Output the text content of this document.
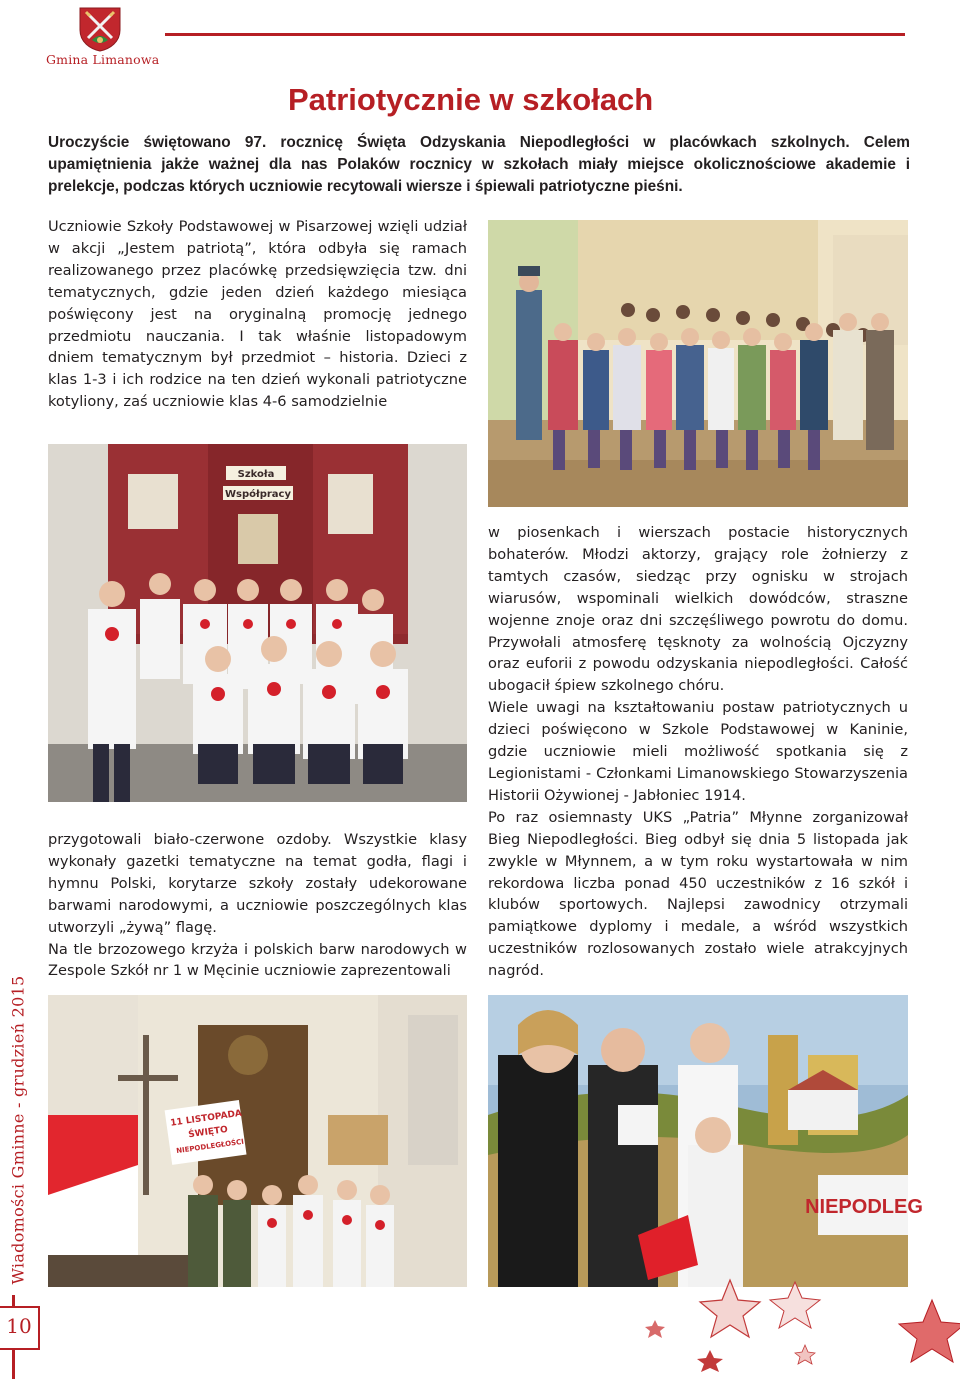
Gmina Limanowa
Patriotycznie w szkołach
Uroczyście świętowano 97. rocznicę Święta Odzyskania Niepodległości w placówkach szkolnych. Celem upamiętnienia jakże ważnej dla nas Polaków rocznicy w szkołach miały miejsce okolicznościowe akademie i prelekcje, podczas których uczniowie recytowali wiersze i śpiewali patriotyczne pieśni.

Uczniowie Szkoły Podstawowej w Pisarzowej wzięli udział w akcji „Jestem patriotą”, która odbyła się ramach realizowanego przez placówkę przedsięwzięcia tzw. dni tematycznych, gdzie jeden dzień każdego miesiąca poświęcony jest na oryginalną promocję jednego przedmiotu nauczania. I tak właśnie listopadowym dniem tematycznym był przedmiot – historia. Dzieci z klas 1-3 i ich rodzice na ten dzień wykonali patriotyczne kotyliony, zaś uczniowie klas 4-6 samodzielnie

Szkoła
Współpracy

przygotowali biało-czerwone ozdoby. Wszystkie klasy wykonały gazetki tematyczne na temat godła, flagi i hymnu Polski, korytarze szkoły zostały udekorowane barwami narodowymi, a uczniowie poszczególnych klas utworzyli „żywą” flagę.

Na tle brzozowego krzyża i polskich barw narodowych w Zespole Szkół nr 1 w Męcinie uczniowie zaprezentowali

w piosenkach i wierszach postacie historycznych bohaterów. Młodzi aktorzy, grający role żołnierzy z tamtych czasów, siedząc przy ognisku w strojach wiarusów, wspominali wielkich dowódców, straszne wojenne znoje oraz dni szczęśliwego powrotu do domu. Przywołali atmosferę tęsknoty za wolnością Ojczyzny oraz euforii z powodu odzyskania niepodległości. Całość ubogacił śpiew szkolnego chóru.

Wiele uwagi na kształtowaniu postaw patriotycznych u dzieci poświęcono w Szkole Podstawowej w Kaninie, gdzie uczniowie mieli możliwość spotkania się z Legionistami - Członkami Limanowskiego Stowarzyszenia Historii Ożywionej - Jabłoniec 1914.

Po raz osiemnasty UKS „Patria” Młynne zorganizował Bieg Niepodległości. Bieg odbył się dnia 5 listopada jak zwykle w Młynnem, a w tym roku wystartowała w nim rekordowa liczba ponad 450 uczestników z 16 szkół i klubów sportowych. Najlepsi zawodnicy otrzymali pamiątkowe dyplomy i medale, a wśród wszystkich uczestników rozlosowanych zostało wiele atrakcyjnych nagród.

11 LISTOPADA
ŚWIĘTO
NIEPODLEGŁOŚCI
NIEPODLEG
Wiadomości Gminne - grudzień 2015
10
